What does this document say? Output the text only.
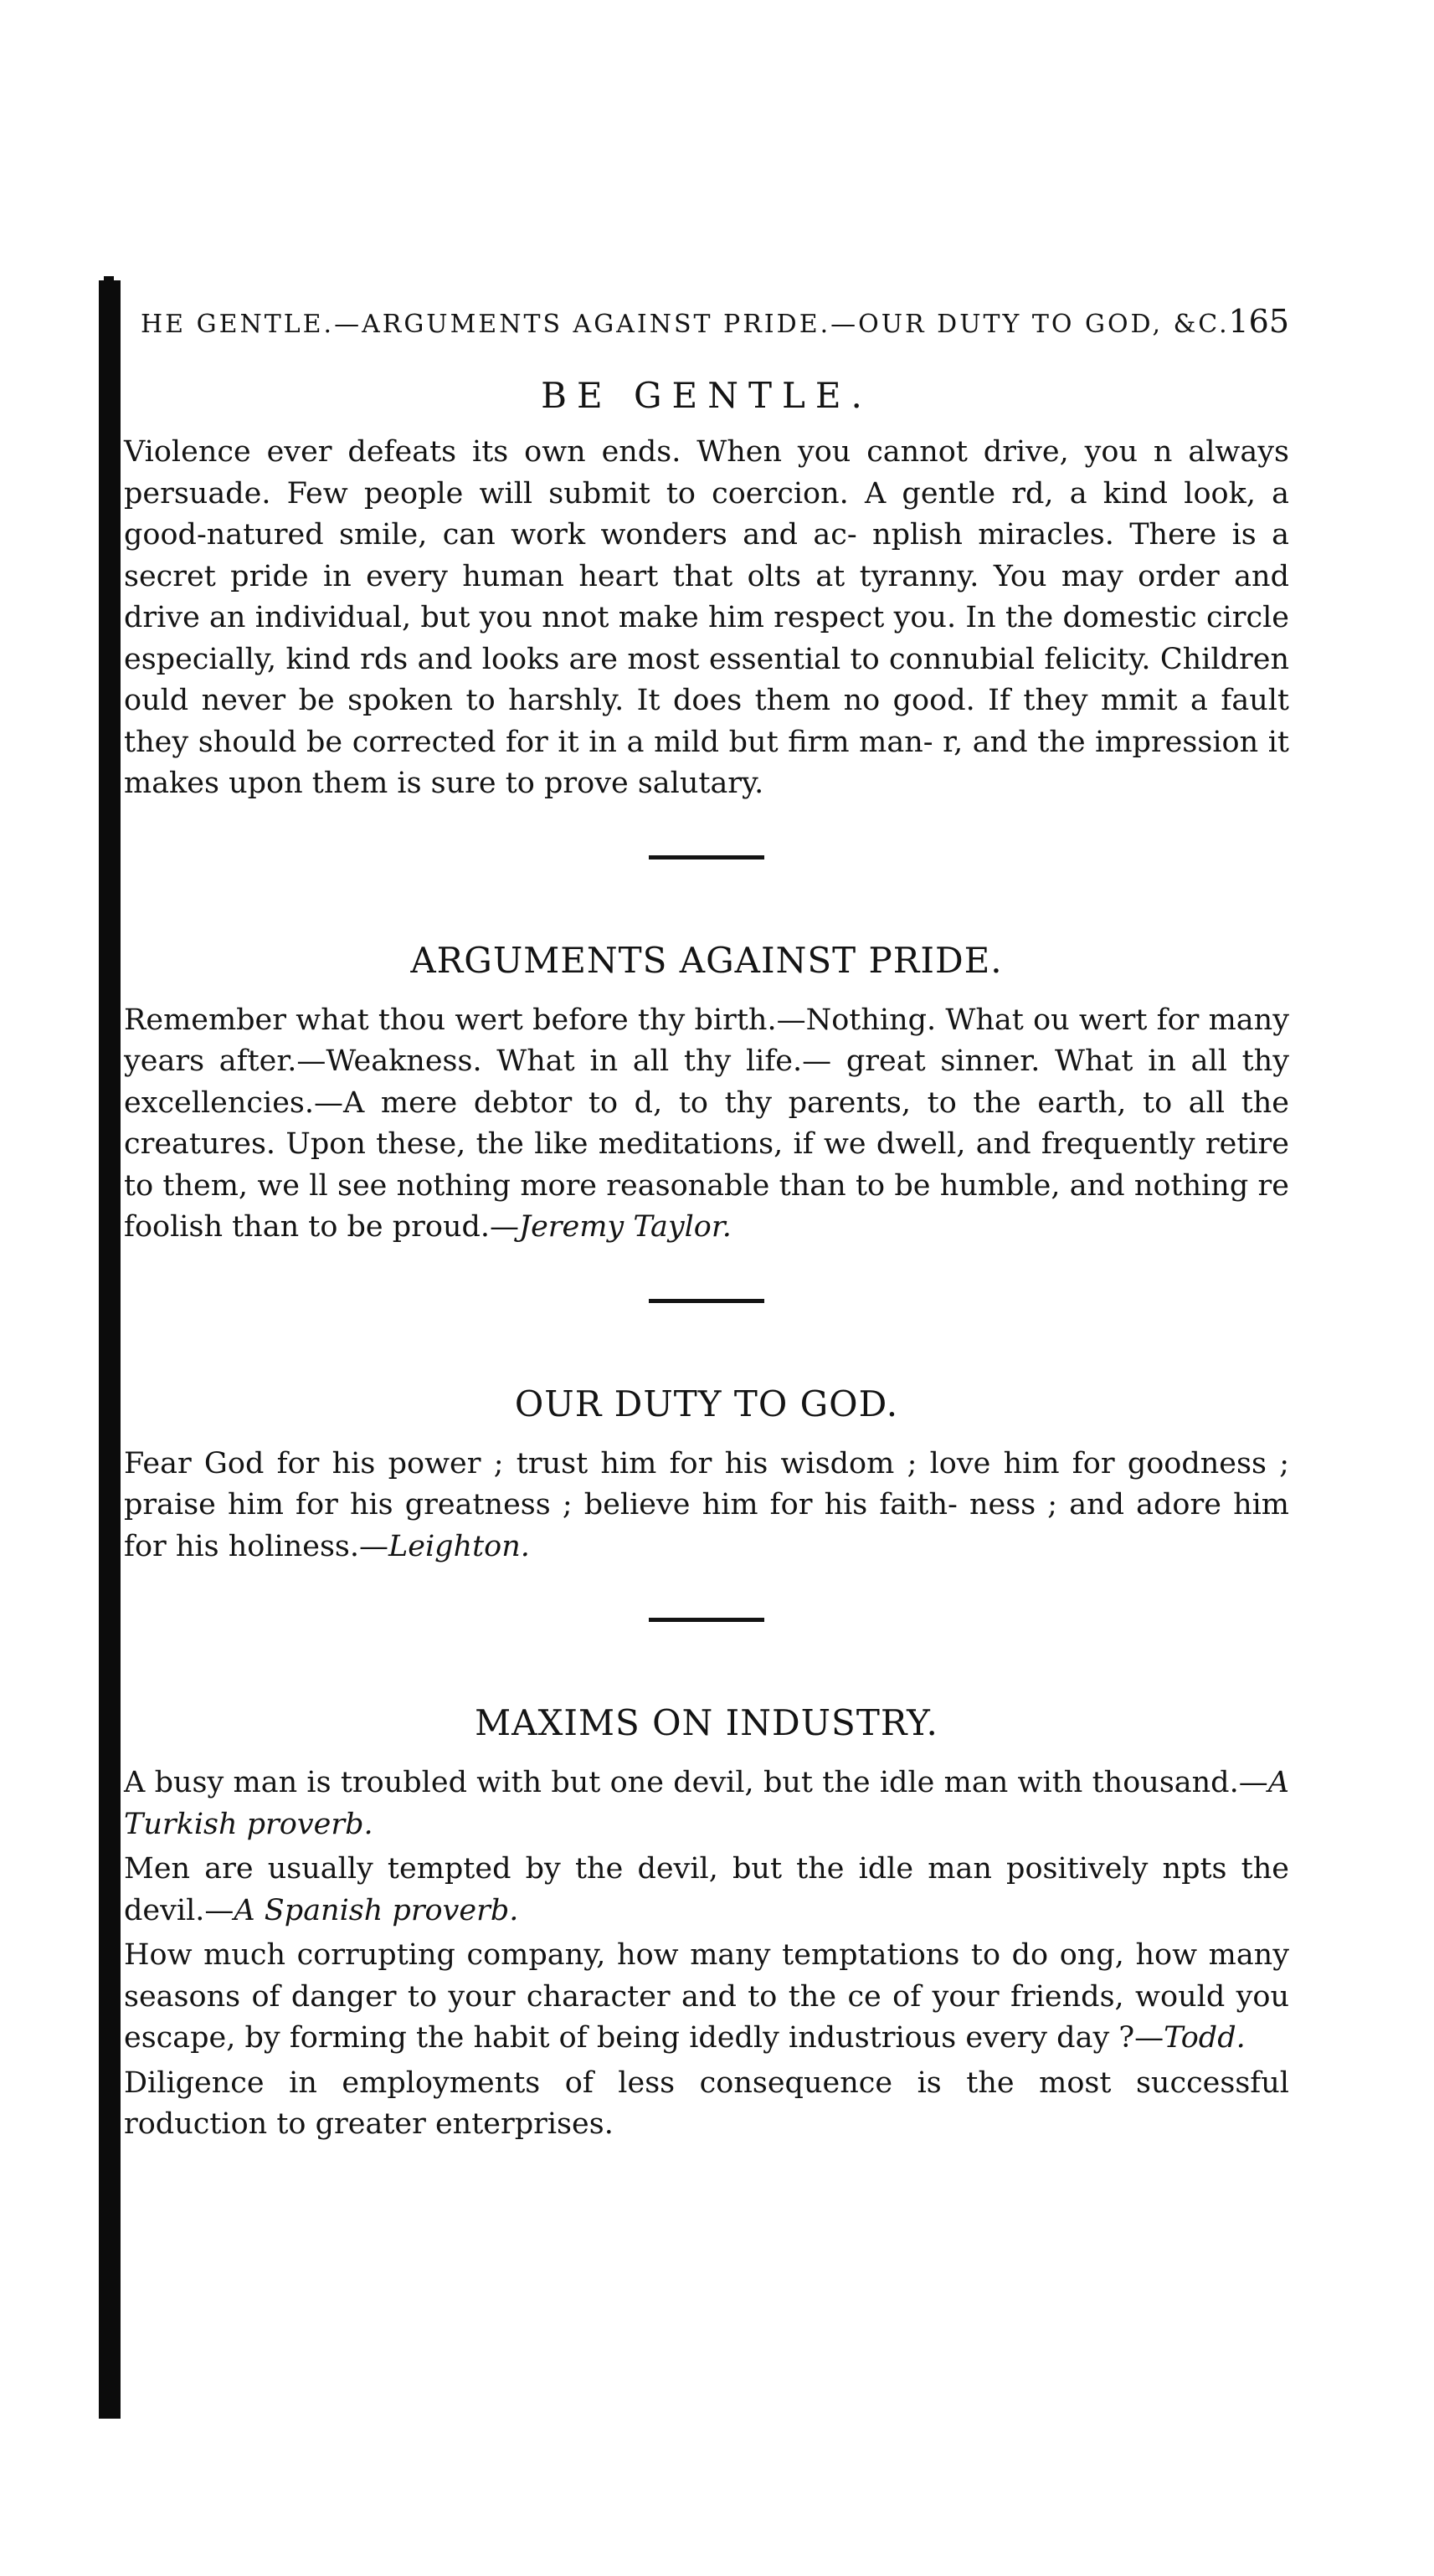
HE GENTLE.—ARGUMENTS AGAINST PRIDE.—OUR DUTY TO GOD, &C.
165
BE GENTLE.

Violence ever defeats its own ends. When you cannot drive, you n always persuade. Few people will submit to coercion. A gentle rd, a kind look, a good-natured smile, can work wonders and ac- nplish miracles. There is a secret pride in every human heart that olts at tyranny. You may order and drive an individual, but you nnot make him respect you. In the domestic circle especially, kind rds and looks are most essential to connubial felicity. Children ould never be spoken to harshly. It does them no good. If they mmit a fault they should be corrected for it in a mild but firm man- r, and the impression it makes upon them is sure to prove salutary.

ARGUMENTS AGAINST PRIDE.

Remember what thou wert before thy birth.—Nothing. What ou wert for many years after.—Weakness. What in all thy life.— great sinner. What in all thy excellencies.—A mere debtor to d, to thy parents, to the earth, to all the creatures. Upon these, the like meditations, if we dwell, and frequently retire to them, we ll see nothing more reasonable than to be humble, and nothing re foolish than to be proud.—Jeremy Taylor.

OUR DUTY TO GOD.

Fear God for his power ; trust him for his wisdom ; love him for goodness ; praise him for his greatness ; believe him for his faith- ness ; and adore him for his holiness.—Leighton.

MAXIMS ON INDUSTRY.

A busy man is troubled with but one devil, but the idle man with thousand.—A Turkish proverb.

Men are usually tempted by the devil, but the idle man positively npts the devil.—A Spanish proverb.

How much corrupting company, how many temptations to do ong, how many seasons of danger to your character and to the ce of your friends, would you escape, by forming the habit of being idedly industrious every day ?—Todd.

Diligence in employments of less consequence is the most successful roduction to greater enterprises.
